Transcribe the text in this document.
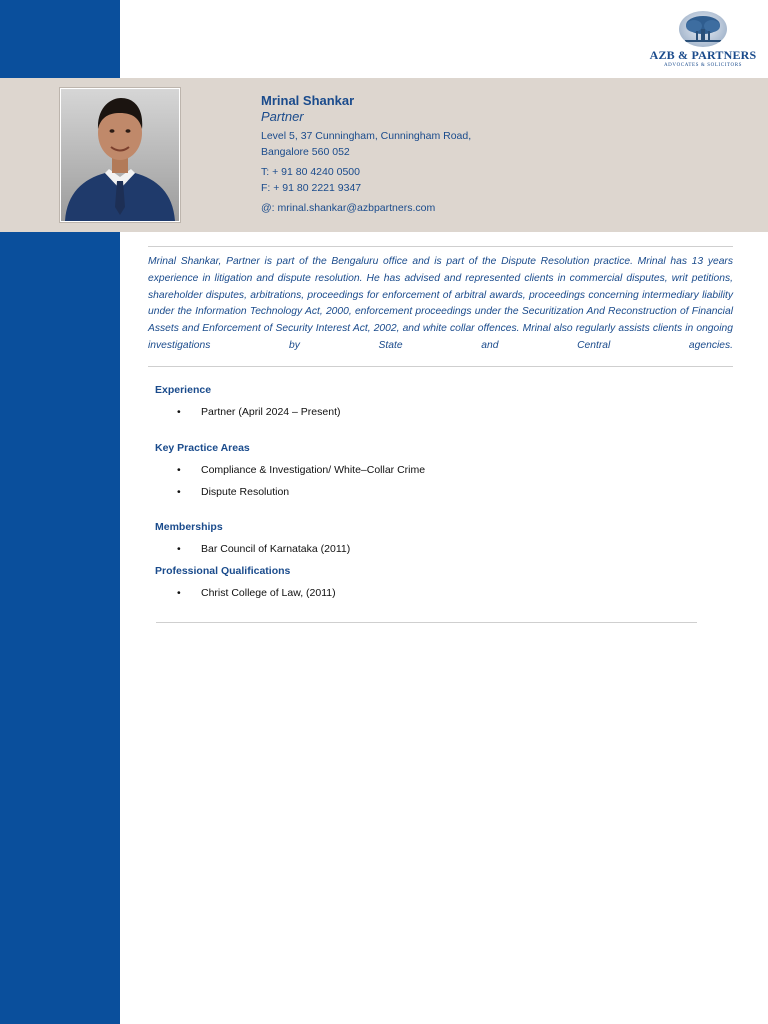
AZB & PARTNERS
ADVOCATES & SOLICITORS
Mrinal Shankar
Partner
Level 5, 37 Cunningham, Cunningham Road,
Bangalore 560 052
T: + 91 80 4240 0500
F: + 91 80 2221 9347
@: mrinal.shankar@azbpartners.com

Mrinal Shankar, Partner is part of the Bengaluru office and is part of the Dispute Resolution practice. Mrinal has 13 years experience in litigation and dispute resolution. He has advised and represented clients in commercial disputes, writ petitions, shareholder disputes, arbitrations, proceedings for enforcement of arbitral awards, proceedings concerning intermediary liability under the Information Technology Act, 2000, enforcement proceedings under the Securitization And Reconstruction of Financial Assets and Enforcement of Security Interest Act, 2002, and white collar offences. Mrinal also regularly assists clients in ongoing investigations by State and Central agencies.

Experience
• Partner (April 2024 – Present)
Key Practice Areas
• Compliance & Investigation/ White–Collar Crime
• Dispute Resolution
Memberships
• Bar Council of Karnataka (2011)
Professional Qualifications
• Christ College of Law, (2011)
